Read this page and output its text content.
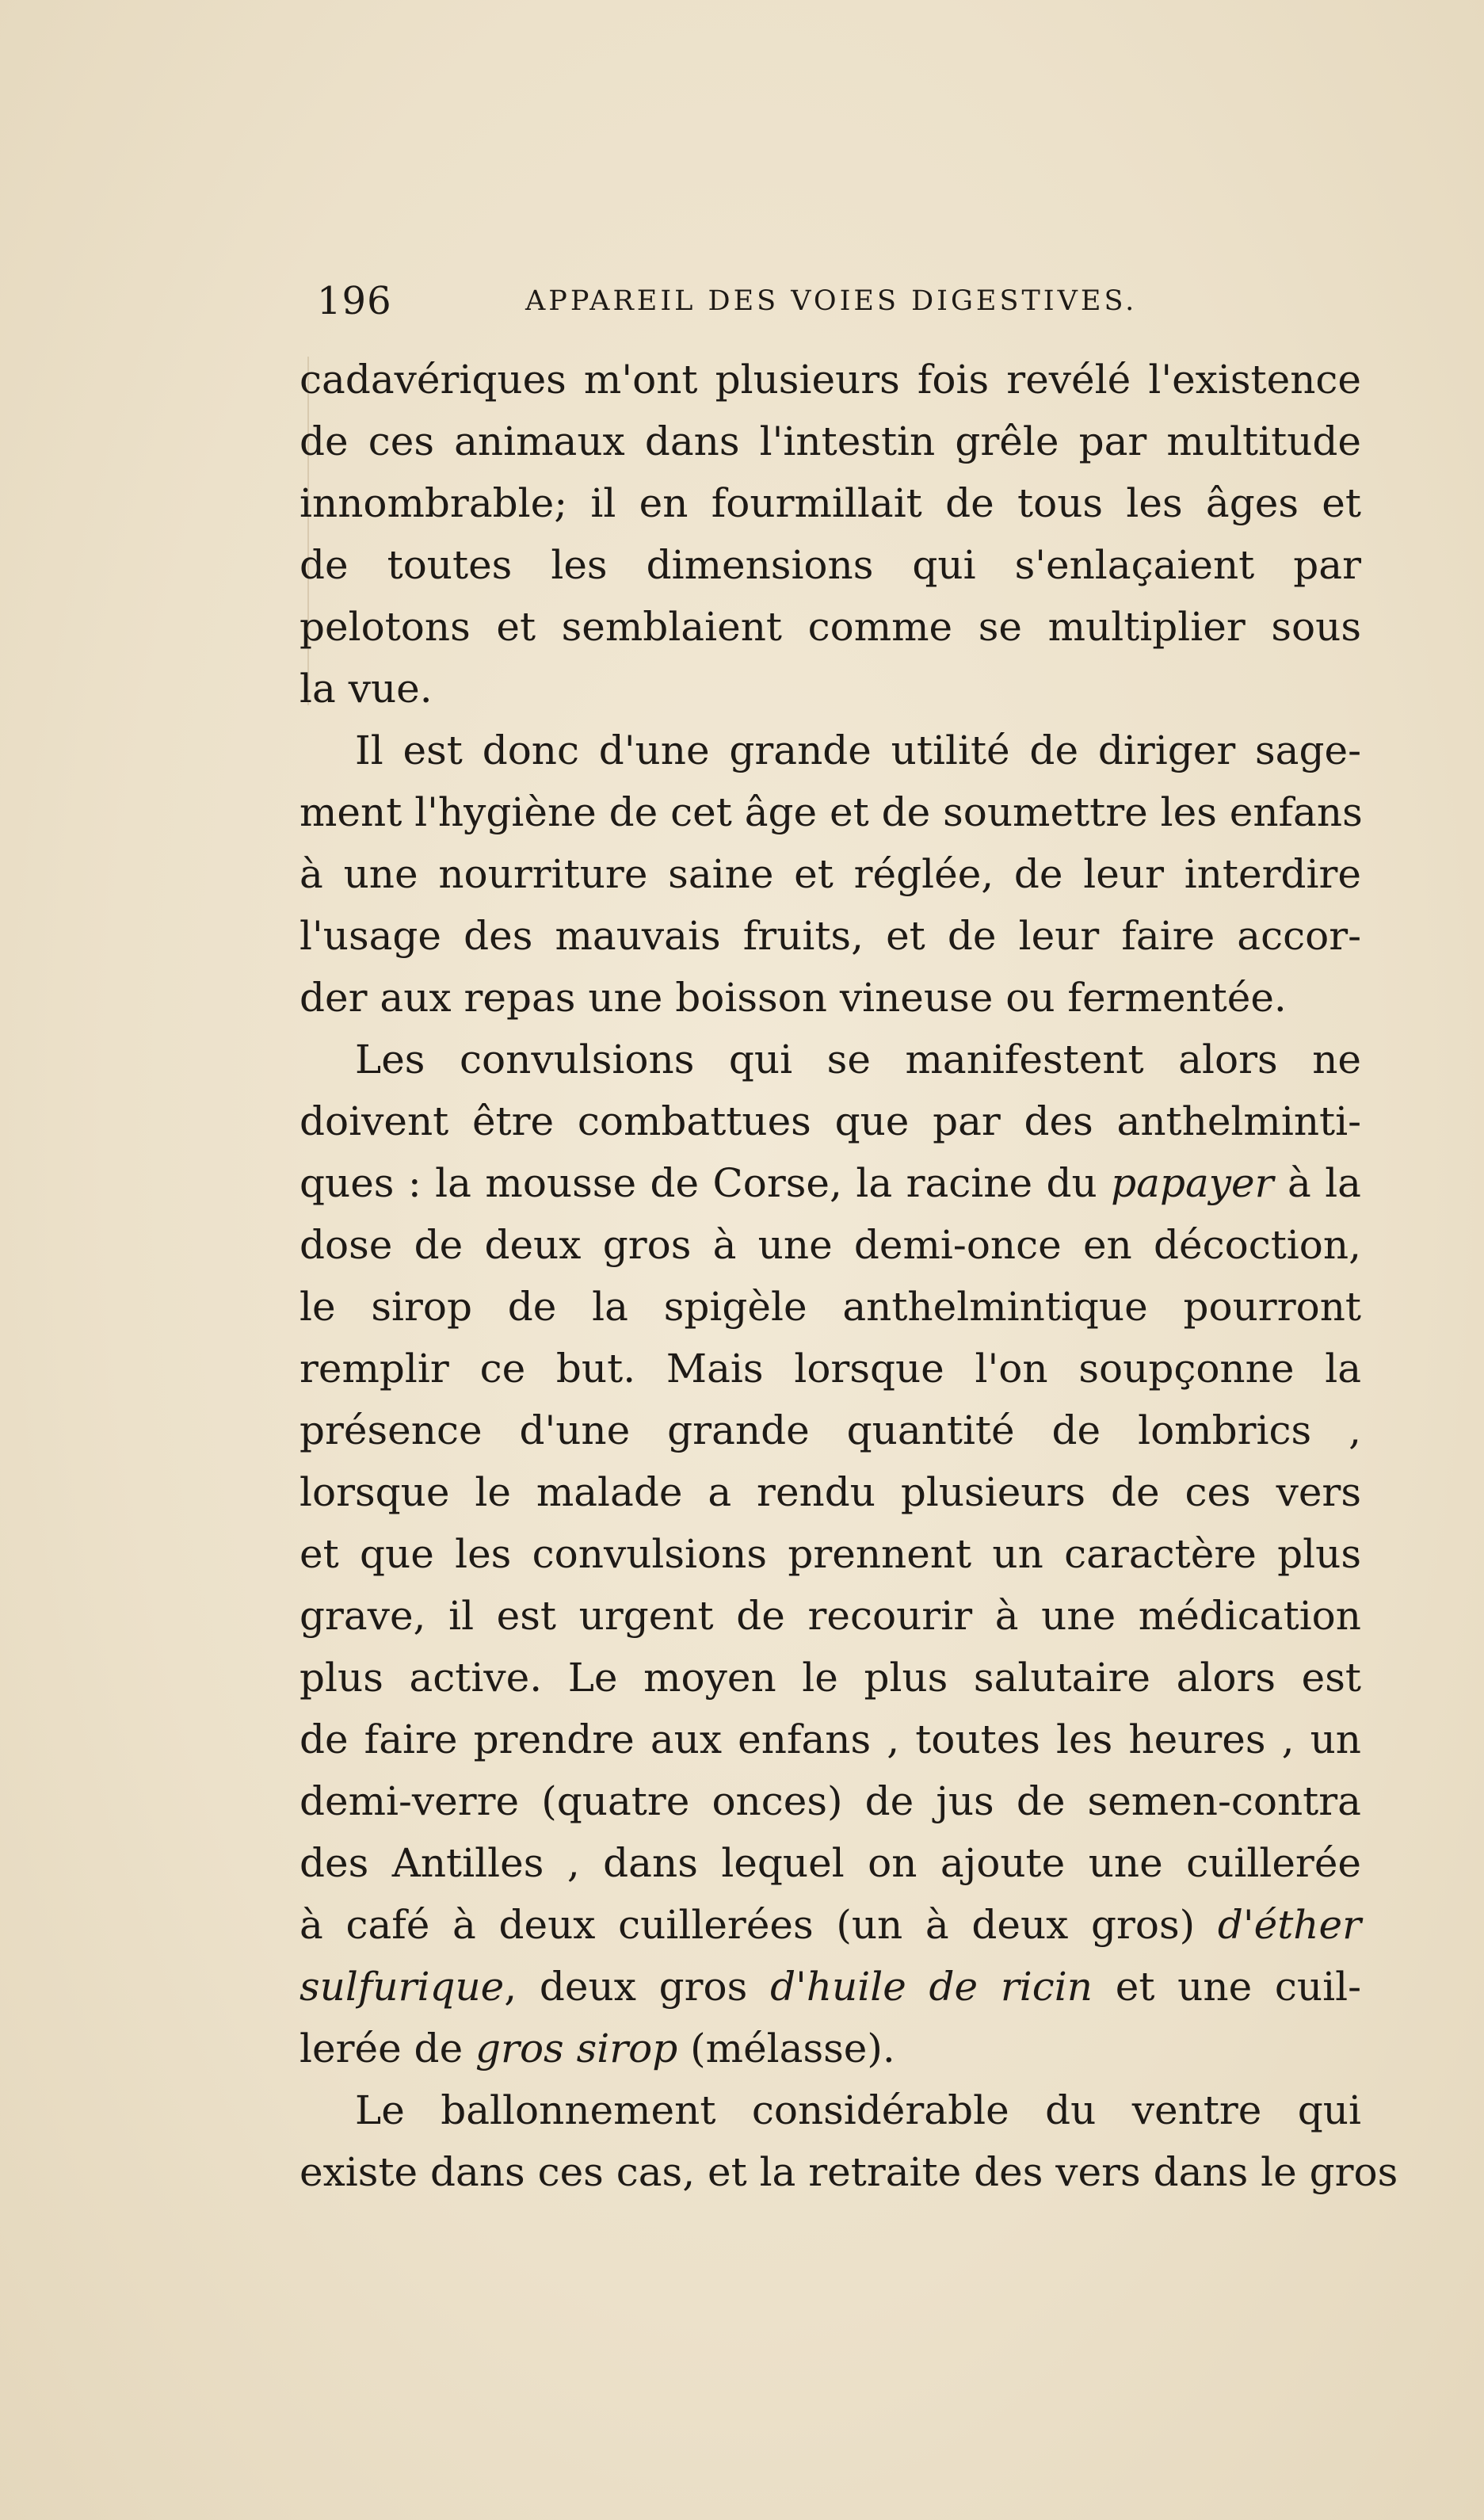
196	APPAREIL DES VOIES DIGESTIVES.
cadavériques m'ont plusieurs fois revélé l'existence
de ces animaux dans l'intestin grêle par multitude
innombrable; il en fourmillait de tous les âges et
de toutes les dimensions qui s'enlaçaient par
pelotons et semblaient comme se multiplier sous
la vue.
Il est donc d'une grande utilité de diriger sage-
ment l'hygiène de cet âge et de soumettre les enfans
à une nourriture saine et réglée, de leur interdire
l'usage des mauvais fruits, et de leur faire accor-
der aux repas une boisson vineuse ou fermentée.
Les convulsions qui se manifestent alors ne
doivent être combattues que par des anthelminti-
ques : la mousse de Corse, la racine du papayer à la
dose de deux gros à une demi-once en décoction,
le sirop de la spigèle anthelmintique pourront
remplir ce but. Mais lorsque l'on soupçonne la
présence d'une grande quantité de lombrics ,
lorsque le malade a rendu plusieurs de ces vers
et que les convulsions prennent un caractère plus
grave, il est urgent de recourir à une médication
plus active. Le moyen le plus salutaire alors est
de faire prendre aux enfans , toutes les heures , un
demi-verre (quatre onces) de jus de semen-contra
des Antilles , dans lequel on ajoute une cuillerée
à café à deux cuillerées (un à deux gros) d'éther
sulfurique, deux gros d'huile de ricin et une cuil-
lerée de gros sirop (mélasse).
Le ballonnement considérable du ventre qui
existe dans ces cas, et la retraite des vers dans le gros
